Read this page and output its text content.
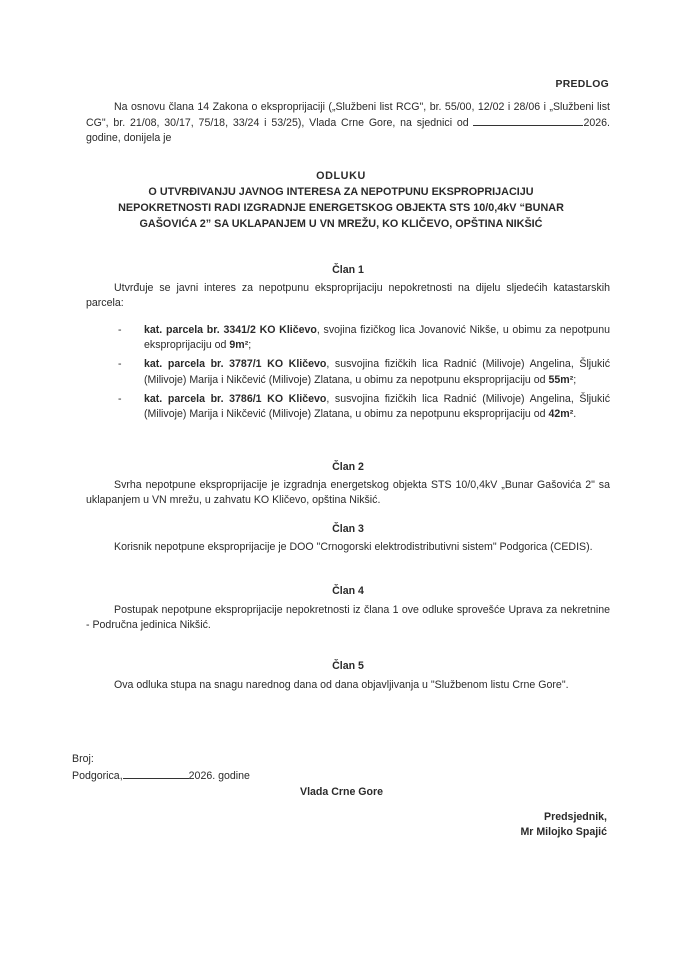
PREDLOG

Na osnovu člana 14 Zakona o eksproprijaciji („Službeni list RCG", br. 55/00, 12/02 i 28/06 i „Službeni list CG", br. 21/08, 30/17, 75/18, 33/24 i 53/25), Vlada Crne Gore, na sjednici od	2026. godine, donijela je

ODLUKU
O UTVRĐIVANJU JAVNOG INTERESA ZA NEPOTPUNU EKSPROPRIJACIJU
NEPOKRETNOSTI RADI IZGRADNJE ENERGETSKOG OBJEKTA STS 10/0,4kV “BUNAR
GAŠOVIĆA 2” SA UKLAPANJEM U VN MREŽU, KO KLIČEVO, OPŠTINA NIKŠIĆ
Član 1

Utvrđuje se javni interes za nepotpunu eksproprijaciju nepokretnosti na dijelu sljedećih katastarskih parcela:

- kat. parcela br. 3341/2 KO Kličevo, svojina fizičkog lica Jovanović Nikše, u obimu za nepotpunu eksproprijaciju od 9m²;
- kat. parcela br. 3787/1 KO Kličevo, susvojina fizičkih lica Radnić (Milivoje) Angelina, Šljukić (Milivoje) Marija i Nikčević (Milivoje) Zlatana, u obimu za nepotpunu eksproprijaciju od 55m²;
- kat. parcela br. 3786/1 KO Kličevo, susvojina fizičkih lica Radnić (Milivoje) Angelina, Šljukić (Milivoje) Marija i Nikčević (Milivoje) Zlatana, u obimu za nepotpunu eksproprijaciju od 42m².
Član 2

Svrha nepotpune eksproprijacije je izgradnja energetskog objekta STS 10/0,4kV „Bunar Gašovića 2" sa uklapanjem u VN mrežu, u zahvatu KO Kličevo, opština Nikšić.

Član 3

Korisnik nepotpune eksproprijacije je DOO "Crnogorski elektrodistributivni sistem" Podgorica (CEDIS).

Član 4

Postupak nepotpune eksproprijacije nepokretnosti iz člana 1 ove odluke sprovešće Uprava za nekretnine - Područna jedinica Nikšić.

Član 5

Ova odluka stupa na snagu narednog dana od dana objavljivanja u "Službenom listu Crne Gore".

Broj:
Podgorica,	2026. godine
Vlada Crne Gore
Predsjednik,
Mr Milojko Spajić
